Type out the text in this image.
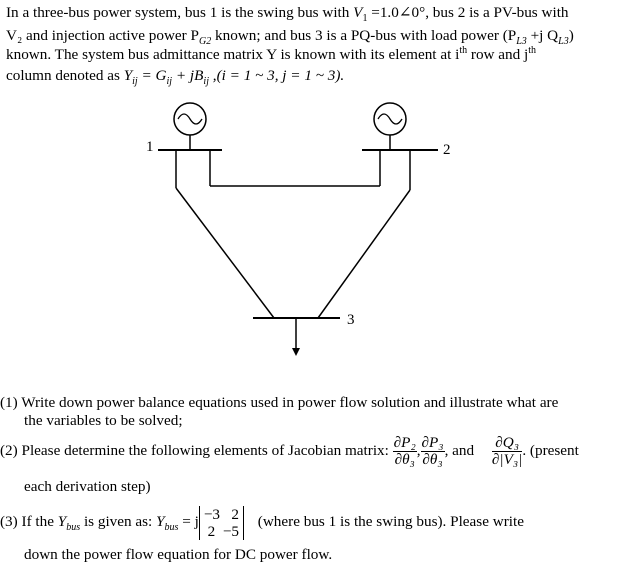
In a three-bus power system, bus 1 is the swing bus with $V_1$ =1.0∠0°, bus 2 is a PV-bus with
V₂ and injection active power $P_{G2}$ known; and bus 3 is a PQ-bus with load power ($P_{L3} +j$ $Q_{L3}$)
known. The system bus admittance matrix Y is known with its element at $i^{th}$ row and $j^{th}$
column denoted as $Y_{ij} = G_{ij} + jB_{ij}$ ,(i = 1 ~ 3, j = 1 ~ 3).
1	2
3
(1) Write down power balance equations used in power flow solution and illustrate what are
the variables to be solved;
(2) Please determine the following elements of Jacobian matrix: $\frac{\text{∂P₂}}{\text{∂θ₃}}$ , $\frac{\text{∂P₃}}{\text{∂θ₃}}$ , and $\frac{\text{∂Q₃}}{\text{∂|V₃|}}$ . (present
each derivation step)
(3) If the $Y_{bus}$ is given as: $Y_{bus} = j -3$ 2
2 −5 (where bus 1 is the swing bus). Please write
down the power flow equation for DC power flow.
